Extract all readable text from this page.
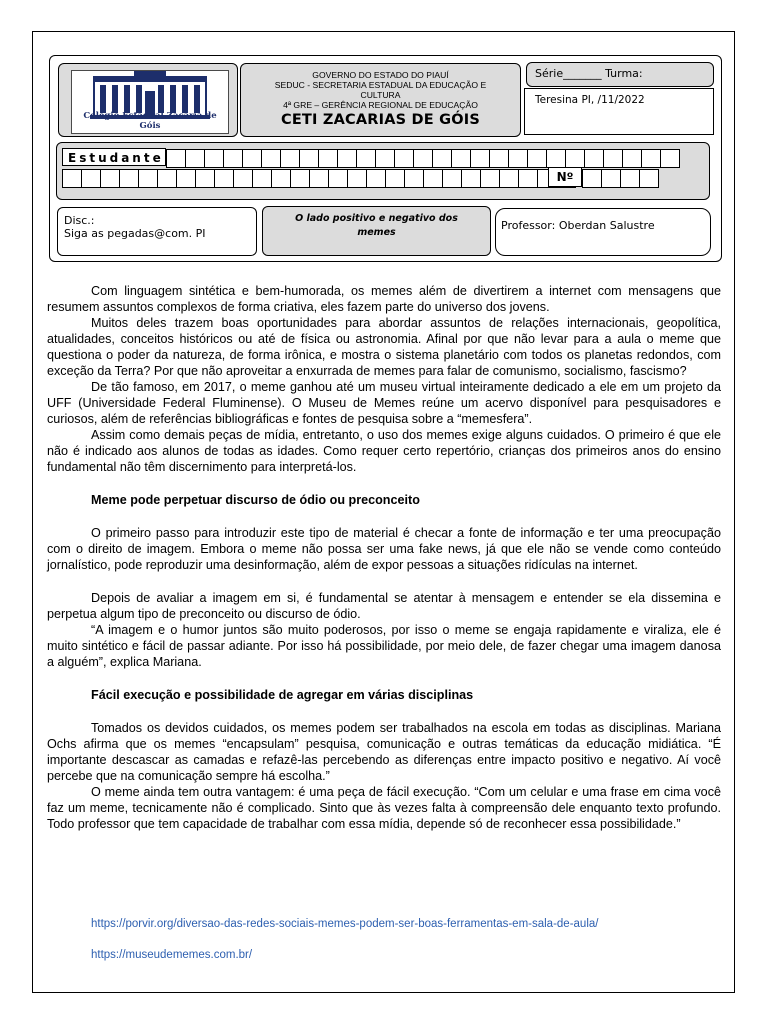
Colégio Estadual Zacaria de Góis
GOVERNO DO ESTADO DO PIAUÍ
SEDUC - SECRETARIA ESTADUAL DA EDUCAÇÃO E
CULTURA
4ª GRE – GERÊNCIA REGIONAL DE EDUCAÇÃO
CETI ZACARIAS DE GÓIS
Série_______ Turma:
Teresina PI, /11/2022
Estudante

Nº

Disc.:
Siga as pegadas@com. PI
O lado positivo e negativo dos memes
Professor: Oberdan Salustre

Com linguagem sintética e bem-humorada, os memes além de divertirem a internet com mensagens que resumem assuntos complexos de forma criativa, eles fazem parte do universo dos jovens.

Muitos deles trazem boas oportunidades para abordar assuntos de relações internacionais, geopolítica, atualidades, conceitos históricos ou até de física ou astronomia. Afinal por que não levar para a aula o meme que questiona o poder da natureza, de forma irônica, e mostra o sistema planetário com todos os planetas redondos, com exceção da Terra? Por que não aproveitar a enxurrada de memes para falar de comunismo, socialismo, fascismo?

De tão famoso, em 2017, o meme ganhou até um museu virtual inteiramente dedicado a ele em um projeto da UFF (Universidade Federal Fluminense). O Museu de Memes reúne um acervo disponível para pesquisadores e curiosos, além de referências bibliográficas e fontes de pesquisa sobre a “memesfera”.

Assim como demais peças de mídia, entretanto, o uso dos memes exige alguns cuidados. O primeiro é que ele não é indicado aos alunos de todas as idades. Como requer certo repertório, crianças dos primeiros anos do ensino fundamental não têm discernimento para interpretá-los.

Meme pode perpetuar discurso de ódio ou preconceito

O primeiro passo para introduzir este tipo de material é checar a fonte de informação e ter uma preocupação com o direito de imagem. Embora o meme não possa ser uma fake news, já que ele não se vende como conteúdo jornalístico, pode reproduzir uma desinformação, além de expor pessoas a situações ridículas na internet.

Depois de avaliar a imagem em si, é fundamental se atentar à mensagem e entender se ela dissemina e perpetua algum tipo de preconceito ou discurso de ódio.

“A imagem e o humor juntos são muito poderosos, por isso o meme se engaja rapidamente e viraliza, ele é muito sintético e fácil de passar adiante. Por isso há possibilidade, por meio dele, de fazer chegar uma imagem danosa a alguém”, explica Mariana.

Fácil execução e possibilidade de agregar em várias disciplinas

Tomados os devidos cuidados, os memes podem ser trabalhados na escola em todas as disciplinas. Mariana Ochs afirma que os memes “encapsulam” pesquisa, comunicação e outras temáticas da educação midiática. “É importante descascar as camadas e refazê-las percebendo as diferenças entre impacto positivo e negativo. Aí você percebe que na comunicação sempre há escolha.”

O meme ainda tem outra vantagem: é uma peça de fácil execução. “Com um celular e uma frase em cima você faz um meme, tecnicamente não é complicado. Sinto que às vezes falta à compreensão dele enquanto texto profundo. Todo professor que tem capacidade de trabalhar com essa mídia, depende só de reconhecer essa possibilidade.”

https://porvir.org/diversao-das-redes-sociais-memes-podem-ser-boas-ferramentas-em-sala-de-aula/
https://museudememes.com.br/
